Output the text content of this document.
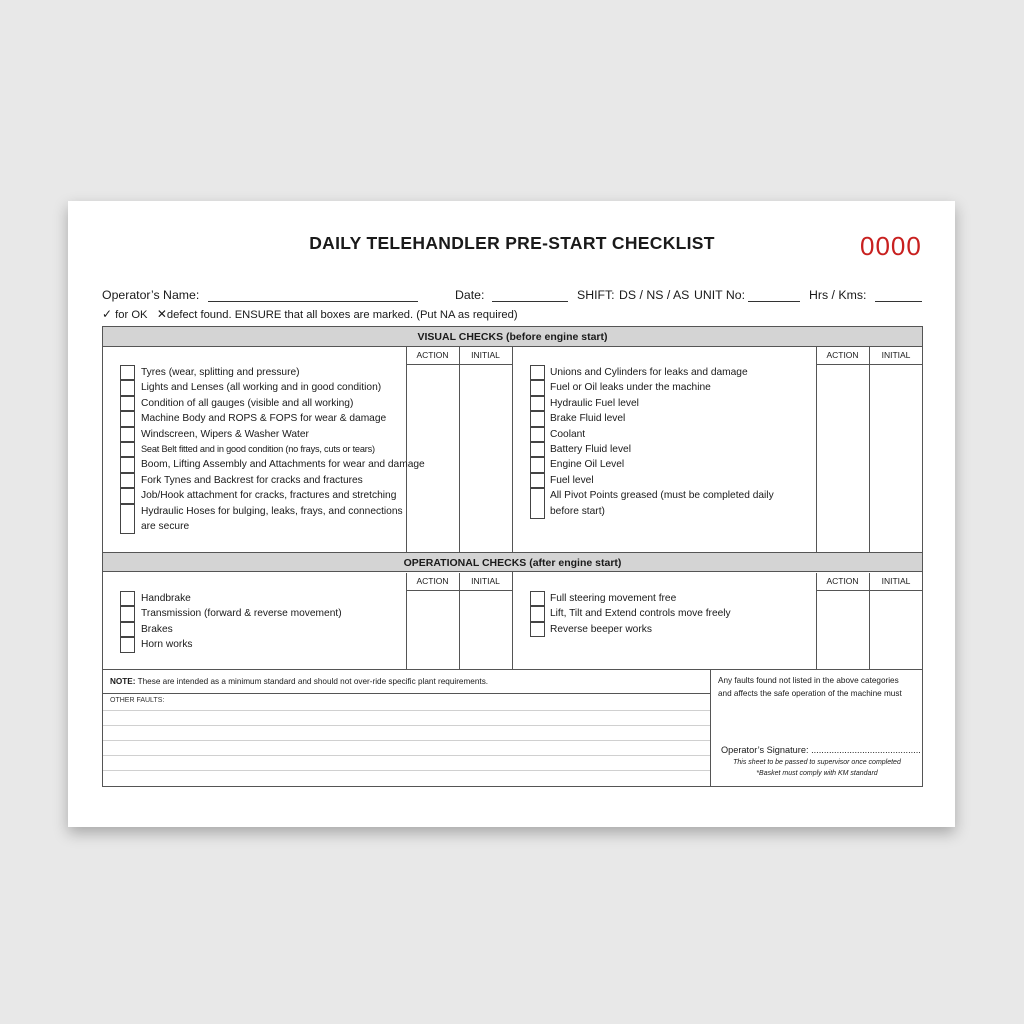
DAILY TELEHANDLER PRE-START CHECKLIST	0000
Operator’s Name:	Date:	SHIFT: DS / NS / AS UNIT No:	Hrs / Kms:
✓ for OK ✕defect found. ENSURE that all boxes are marked. (Put NA as required)
VISUAL CHECKS (before engine start)
ACTION	INITIAL	ACTION	INITIAL
Tyres (wear, splitting and pressure)
Lights and Lenses (all working and in good condition)
Condition of all gauges (visible and all working)
Machine Body and ROPS & FOPS for wear & damage
Windscreen, Wipers & Washer Water
Seat Belt fitted and in good condition (no frays, cuts or tears)
Boom, Lifting Assembly and Attachments for wear and damage
Fork Tynes and Backrest for cracks and fractures
Job/Hook attachment for cracks, fractures and stretching
Hydraulic Hoses for bulging, leaks, frays, and connections
are secure
Unions and Cylinders for leaks and damage
Fuel or Oil leaks under the machine
Hydraulic Fuel level
Brake Fluid level
Coolant
Battery Fluid level
Engine Oil Level
Fuel level
All Pivot Points greased (must be completed daily
before start)
OPERATIONAL CHECKS (after engine start)
ACTION	INITIAL	ACTION	INITIAL
Handbrake
Transmission (forward & reverse movement)
Brakes
Horn works
Full steering movement free
Lift, Tilt and Extend controls move freely
Reverse beeper works
NOTE: These are intended as a minimum standard and should not over-ride specific plant requirements.
OTHER FAULTS:
Any faults found not listed in the above categories
and affects the safe operation of the machine must
Operator’s Signature: ...........................................
This sheet to be passed to supervisor once completed
*Basket must comply with KM standard
